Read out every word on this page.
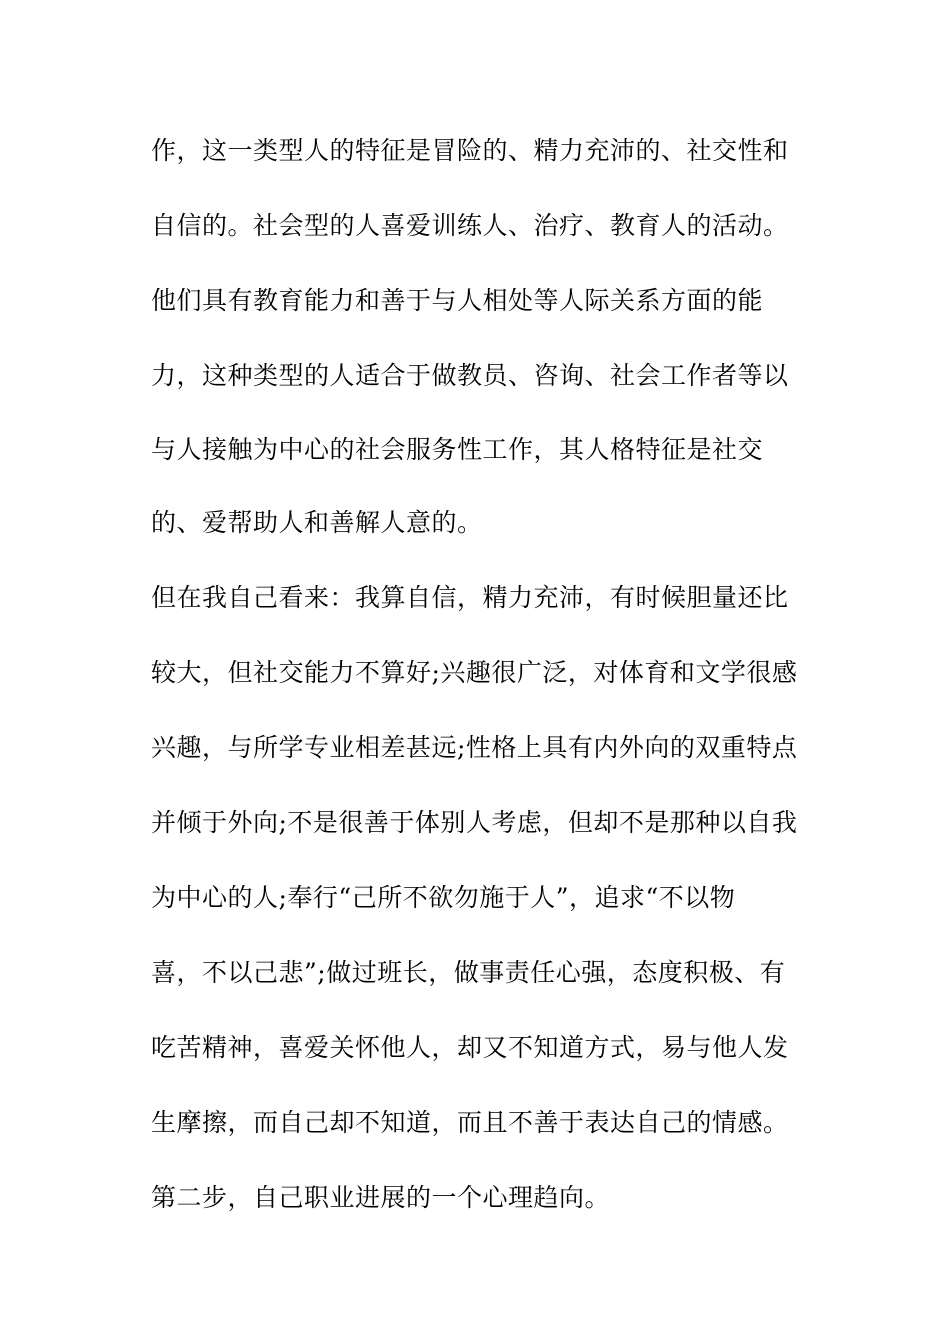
作，这一类型人的特征是冒险的、精力充沛的、社交性和
自信的。社会型的人喜爱训练人、治疗、教育人的活动。
他们具有教育能力和善于与人相处等人际关系方面的能
力，这种类型的人适合于做教员、咨询、社会工作者等以
与人接触为中心的社会服务性工作，其人格特征是社交
的、爱帮助人和善解人意的。
但在我自己看来：我算自信，精力充沛，有时候胆量还比
较大，但社交能力不算好;兴趣很广泛，对体育和文学很感
兴趣，与所学专业相差甚远;性格上具有内外向的双重特点
并倾于外向;不是很善于体别人考虑，但却不是那种以自我
为中心的人;奉行“己所不欲勿施于人”，追求“不以物
喜，不以己悲”;做过班长，做事责任心强，态度积极、有
吃苦精神，喜爱关怀他人，却又不知道方式，易与他人发
生摩擦，而自己却不知道，而且不善于表达自己的情感。
第二步，自己职业进展的一个心理趋向。
